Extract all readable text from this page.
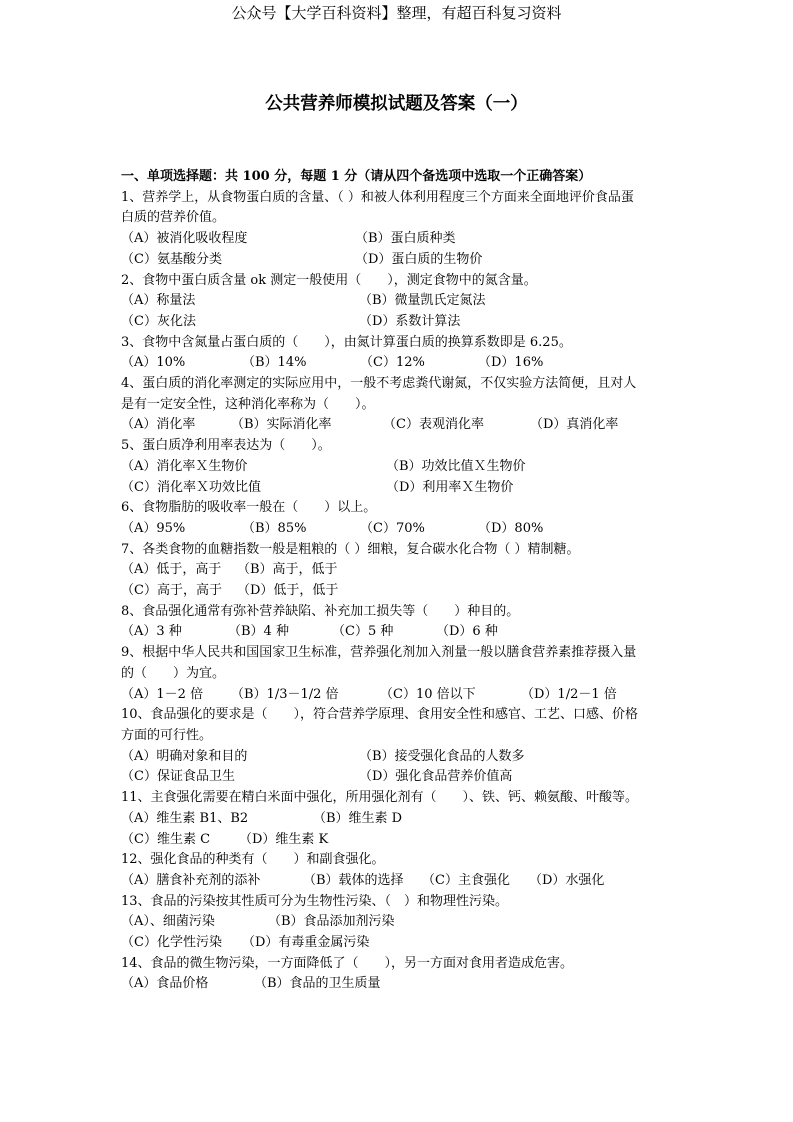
公众号【大学百科资料】整理，有超百科复习资料
公共营养师模拟试题及答案（一）
一、单项选择题：共 100 分，每题 1 分（请从四个备选项中选取一个正确答案）
1、营养学上，从食物蛋白质的含量、（ ）和被人体利用程度三个方面来全面地评价食品蛋
白质的营养价值。
（A）被消化吸收程度	（B）蛋白质种类
（C）氨基酸分类	（D）蛋白质的生物价
2、食物中蛋白质含量 ok 测定一般使用（　　），测定食物中的氮含量。
（A）称量法	（B）微量凯氏定氮法
（C）灰化法	（D）系数计算法
3、食物中含氮量占蛋白质的（　　），由氮计算蛋白质的换算系数即是 6.25。
（A）10%	（B）14%	（C）12%	（D）16%
4、蛋白质的消化率测定的实际应用中，一般不考虑粪代谢氮，不仅实验方法简便，且对人
是有一定安全性，这种消化率称为（　　）。
（A）消化率	（B）实际消化率	（C）表观消化率	（D）真消化率
5、蛋白质净利用率表达为（　　）。
（A）消化率Ｘ生物价	（B）功效比值Ｘ生物价
（C）消化率Ｘ功效比值	（D）利用率Ｘ生物价
6、食物脂肪的吸收率一般在（　　）以上。
（A）95%	（B）85%	（C）70%	（D）80%
7、各类食物的血糖指数一般是粗粮的（ ）细粮，复合碳水化合物（ ）精制糖。
（A）低于，高于	（B）高于，低于
（C）高于，高于	（D）低于，低于
8、食品强化通常有弥补营养缺陷、补充加工损失等（　　）种目的。
（A）3 种	（B）4 种	（C）5 种	（D）6 种
9、根据中华人民共和国国家卫生标准，营养强化剂加入剂量一般以膳食营养素推荐摄入量
的（　　）为宜。
（A）1－2 倍	（B）1/3－1/2 倍	（C）10 倍以下	（D）1/2－1 倍
10、食品强化的要求是（　　），符合营养学原理、食用安全性和感官、工艺、口感、价格
方面的可行性。
（A）明确对象和目的	（B）接受强化食品的人数多
（C）保证食品卫生	（D）强化食品营养价值高
11、主食强化需要在精白米面中强化，所用强化剂有（　　）、铁、钙、赖氨酸、叶酸等。
（A）维生素 B1、B2	（B）维生素 D
（C）维生素 C	（D）维生素 K
12、强化食品的种类有（　　）和副食强化。
（A）膳食补充剂的添补	（B）载体的选择	（C）主食强化	（D）水强化
13、食品的污染按其性质可分为生物性污染、（　）和物理性污染。
（A）、细菌污染	（B）食品添加剂污染
（C）化学性污染	（D）有毒重金属污染
14、食品的微生物污染，一方面降低了（　　），另一方面对食用者造成危害。
（A）食品价格	（B）食品的卫生质量
